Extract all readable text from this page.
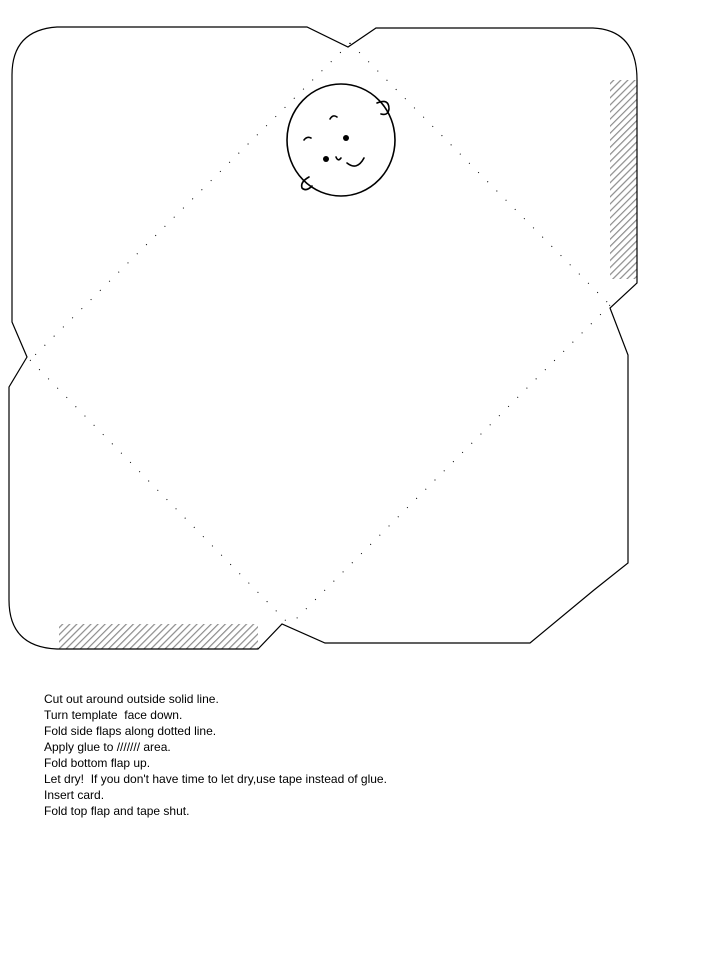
Cut out around outside solid line.
Turn template  face down.
Fold side flaps along dotted line.
Apply glue to /////// area.
Fold bottom flap up.
Let dry!  If you don't have time to let dry,use tape instead of glue.
Insert card.
Fold top flap and tape shut.
